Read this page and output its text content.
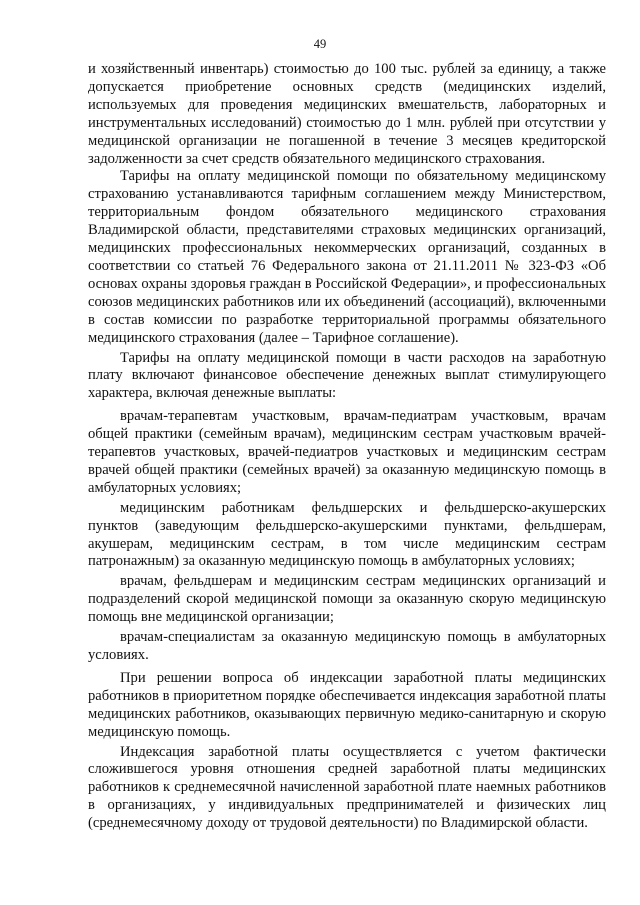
49

и хозяйственный инвентарь) стоимостью до 100 тыс. рублей за единицу, а также допускается приобретение основных средств (медицинских изделий, используемых для проведения медицинских вмешательств, лабораторных и инструментальных исследований) стоимостью до 1 млн. рублей при отсутствии у медицинской организации не погашенной в течение 3 месяцев кредиторской задолженности за счет средств обязательного медицинского страхования.

Тарифы на оплату медицинской помощи по обязательному медицинскому страхованию устанавливаются тарифным соглашением между Министерством, территориальным фондом обязательного медицинского страхования Владимирской области, представителями страховых медицинских организаций, медицинских профессиональных некоммерческих организаций, созданных в соответствии со статьей 76 Федерального закона от 21.11.2011 № 323-ФЗ «Об основах охраны здоровья граждан в Российской Федерации», и профессиональных союзов медицинских работников или их объединений (ассоциаций), включенными в состав комиссии по разработке территориальной программы обязательного медицинского страхования (далее – Тарифное соглашение).

Тарифы на оплату медицинской помощи в части расходов на заработную плату включают финансовое обеспечение денежных выплат стимулирующего характера, включая денежные выплаты:

врачам-терапевтам участковым, врачам-педиатрам участковым, врачам общей практики (семейным врачам), медицинским сестрам участковым врачей-терапевтов участковых, врачей-педиатров участковых и медицинским сестрам врачей общей практики (семейных врачей) за оказанную медицинскую помощь в амбулаторных условиях;

медицинским работникам фельдшерских и фельдшерско-акушерских пунктов (заведующим фельдшерско-акушерскими пунктами, фельдшерам, акушерам, медицинским сестрам, в том числе медицинским сестрам патронажным) за оказанную медицинскую помощь в амбулаторных условиях;

врачам, фельдшерам и медицинским сестрам медицинских организаций и подразделений скорой медицинской помощи за оказанную скорую медицинскую помощь вне медицинской организации;

врачам-специалистам за оказанную медицинскую помощь в амбулаторных условиях.

При решении вопроса об индексации заработной платы медицинских работников в приоритетном порядке обеспечивается индексация заработной платы медицинских работников, оказывающих первичную медико-санитарную и скорую медицинскую помощь.

Индексация заработной платы осуществляется с учетом фактически сложившегося уровня отношения средней заработной платы медицинских работников к среднемесячной начисленной заработной плате наемных работников в организациях, у индивидуальных предпринимателей и физических лиц (среднемесячному доходу от трудовой деятельности) по Владимирской области.
